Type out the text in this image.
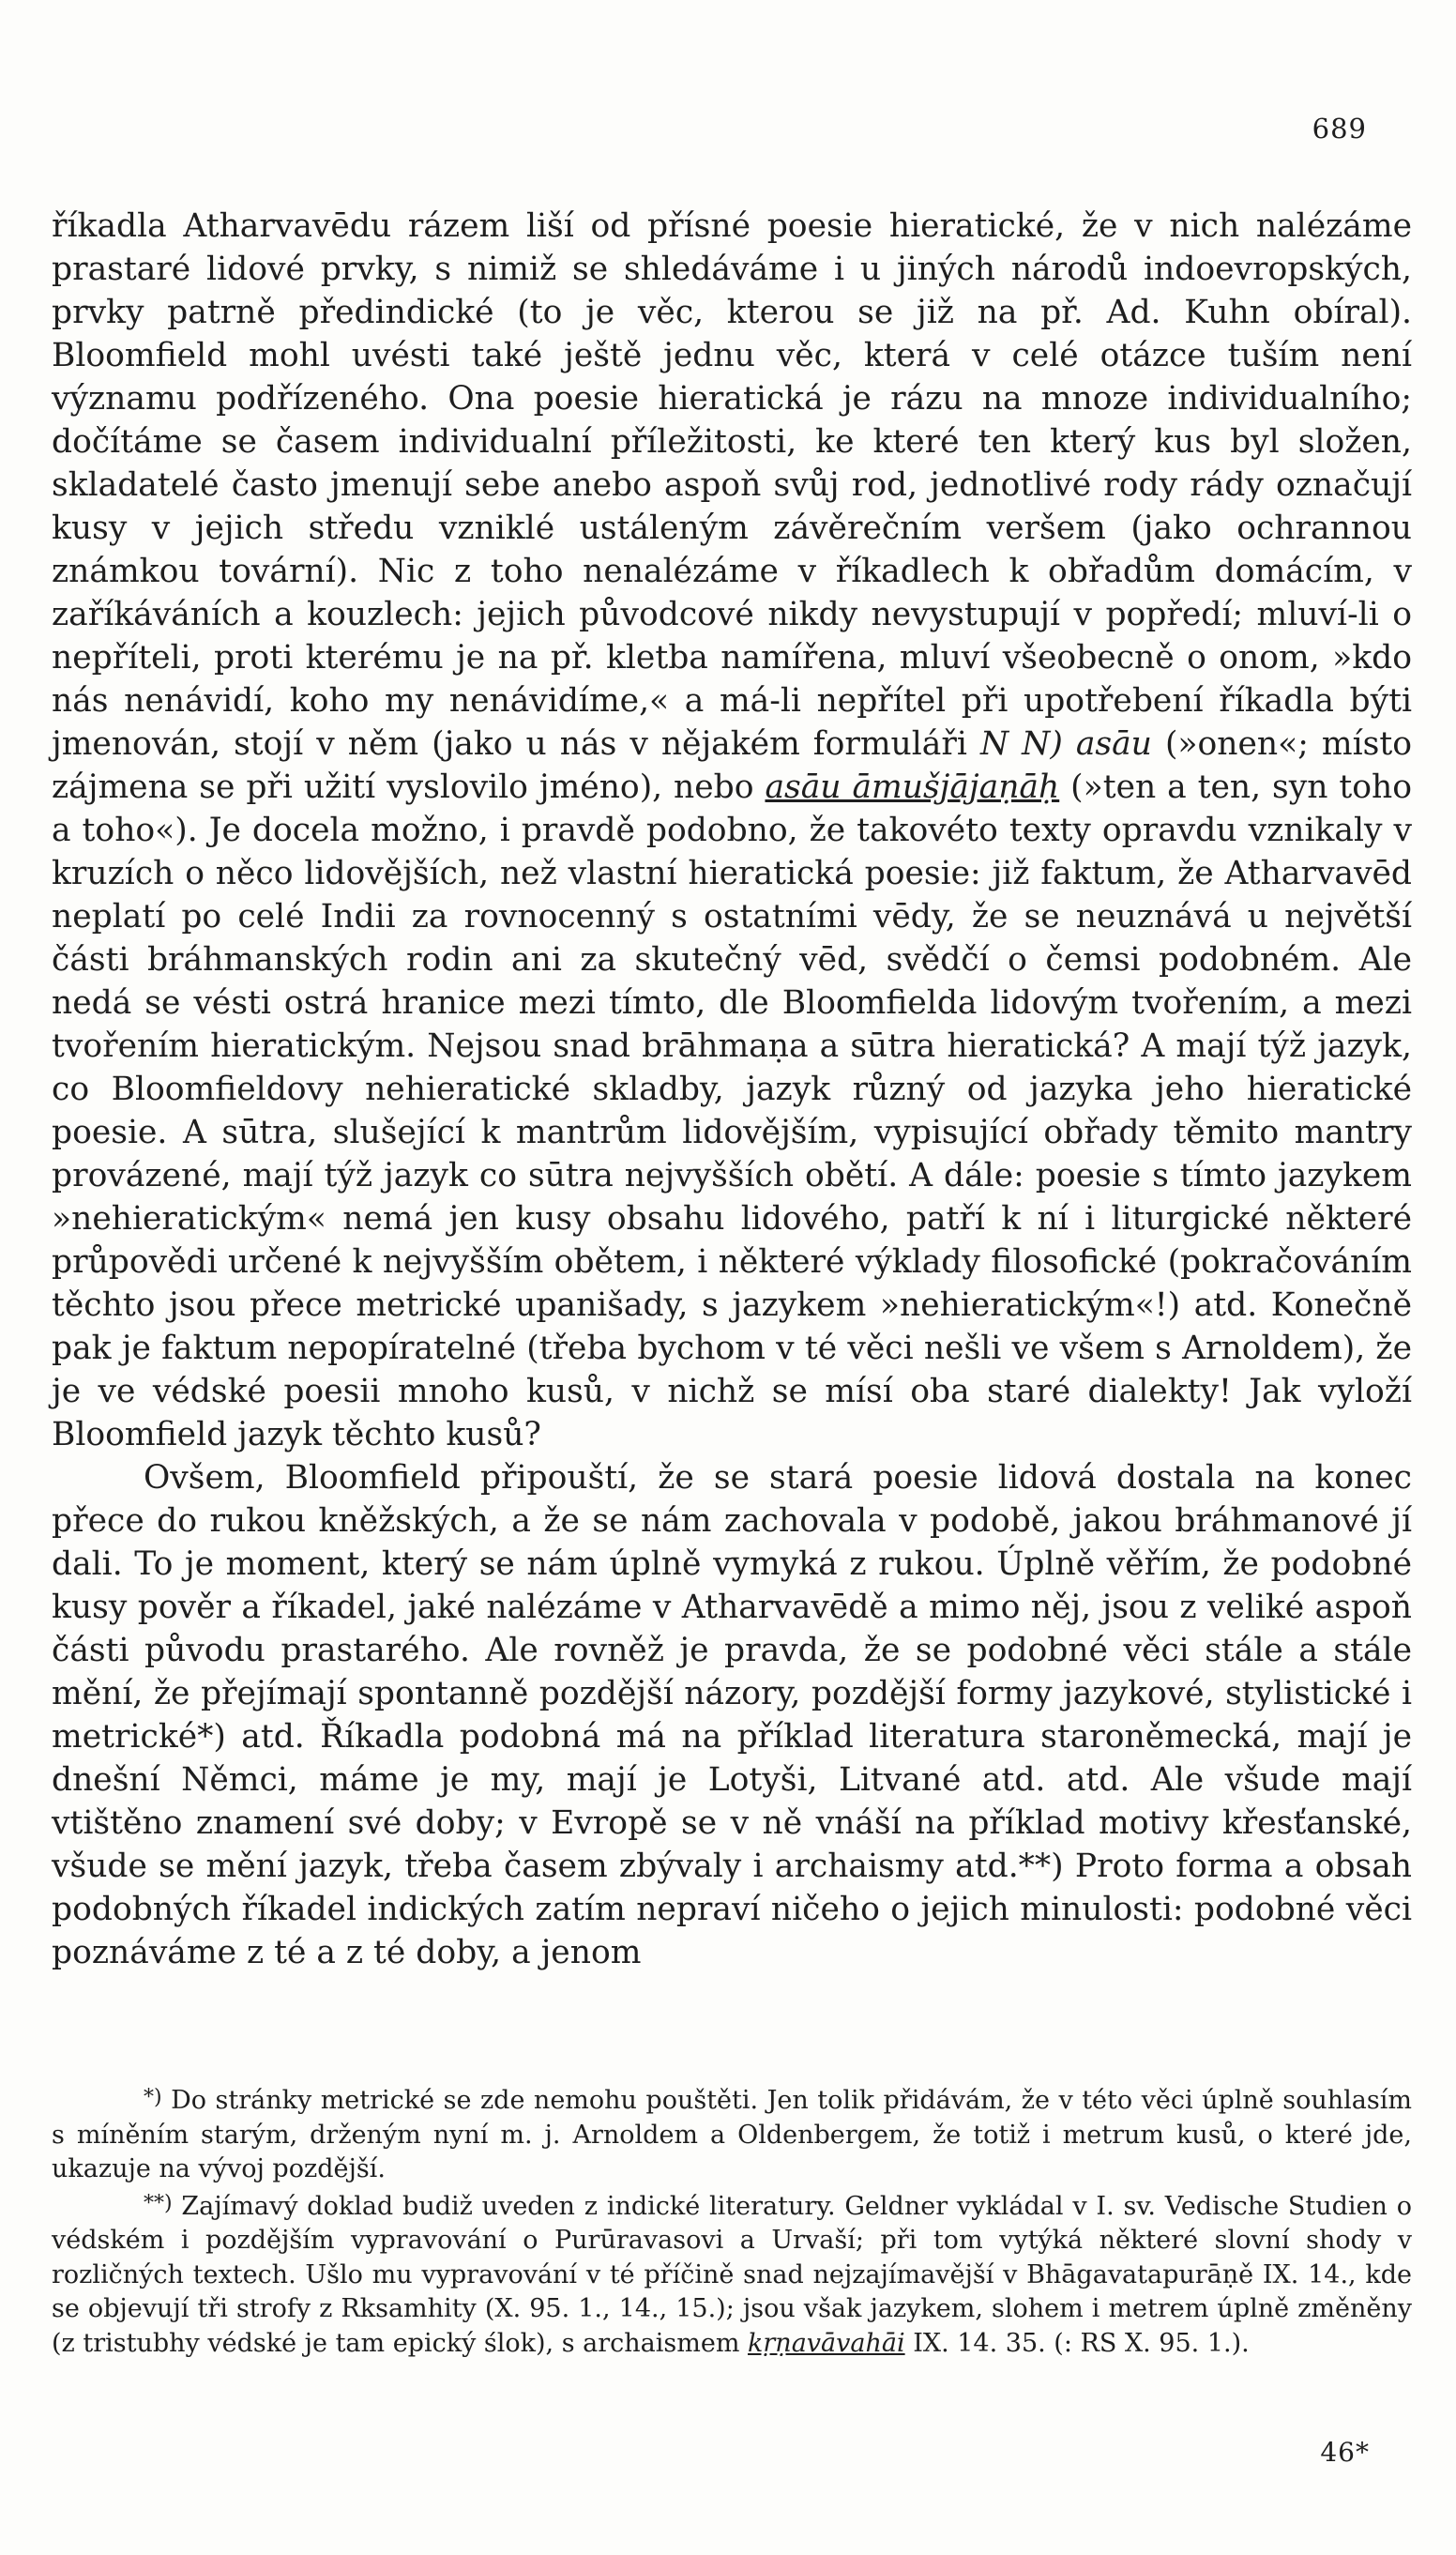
689

říkadla Atharvavēdu rázem liší od přísné poesie hieratické, že v nich nalézáme prastaré lidové prvky, s nimiž se shledáváme i u jiných národů indoevropských, prvky patrně předindické (to je věc, kterou se již na př. Ad. Kuhn obíral). Bloomfield mohl uvésti také ještě jednu věc, která v celé otázce tuším není významu podřízeného. Ona poesie hieratická je rázu na mnoze individualního; dočítáme se časem individualní příležitosti, ke které ten který kus byl složen, skladatelé často jmenují sebe anebo aspoň svůj rod, jednotlivé rody rády označují kusy v jejich středu vzniklé ustáleným závěrečním veršem (jako ochrannou známkou tovární). Nic z toho nenalézáme v říkadlech k obřadům domácím, v zaříkáváních a kouzlech: jejich původcové nikdy nevystupují v popředí; mluví-li o nepříteli, proti kterému je na př. kletba namířena, mluví všeobecně o onom, »kdo nás nenávidí, koho my nenávidíme,« a má-li nepřítel při upotřebení říkadla býti jmenován, stojí v něm (jako u nás v nějakém formuláři N N) asāu (»onen«; místo zájmena se při užití vyslovilo jméno), nebo asāu āmušjājaṇāḥ (»ten a ten, syn toho a toho«). Je docela možno, i pravdě podobno, že takovéto texty opravdu vznikaly v kruzích o něco lidovějších, než vlastní hieratická poesie: již faktum, že Atharvavēd neplatí po celé Indii za rovnocenný s ostatními vēdy, že se neuznává u největší části bráhmanských rodin ani za skutečný vēd, svědčí o čemsi podobném. Ale nedá se vésti ostrá hranice mezi tímto, dle Bloomfielda lidovým tvořením, a mezi tvořením hieratickým. Nejsou snad brāhmaṇa a sūtra hieratická? A mají týž jazyk, co Bloomfieldovy nehieratické skladby, jazyk různý od jazyka jeho hieratické poesie. A sūtra, slušející k mantrům lidovějším, vypisující obřady těmito mantry provázené, mají týž jazyk co sūtra nejvyšších obětí. A dále: poesie s tímto jazykem »nehieratickým« nemá jen kusy obsahu lidového, patří k ní i liturgické některé průpovědi určené k nejvyšším obětem, i některé výklady filosofické (pokračováním těchto jsou přece metrické upanišady, s jazykem »nehieratickým«!) atd. Konečně pak je faktum nepopíratelné (třeba bychom v té věci nešli ve všem s Arnoldem), že je ve védské poesii mnoho kusů, v nichž se mísí oba staré dialekty! Jak vyloží Bloomfield jazyk těchto kusů?

Ovšem, Bloomfield připouští, že se stará poesie lidová dostala na konec přece do rukou kněžských, a že se nám zachovala v podobě, jakou bráhmanové jí dali. To je moment, který se nám úplně vymyká z rukou. Úplně věřím, že podobné kusy pověr a říkadel, jaké nalézáme v Atharvavēdě a mimo něj, jsou z veliké aspoň části původu prastarého. Ale rovněž je pravda, že se podobné věci stále a stále mění, že přejímají spontanně pozdější názory, pozdější formy jazykové, stylistické i metrické*) atd. Říkadla podobná má na příklad literatura staroněmecká, mají je dnešní Němci, máme je my, mají je Lotyši, Litvané atd. atd. Ale všude mají vtištěno znamení své doby; v Evropě se v ně vnáší na příklad motivy křesťanské, všude se mění jazyk, třeba časem zbývaly i archaismy atd.**) Proto forma a obsah podobných říkadel indických zatím nepraví ničeho o jejich minulosti: podobné věci poznáváme z té a z té doby, a jenom

*) Do stránky metrické se zde nemohu pouštěti. Jen tolik přidávám, že v této věci úplně souhlasím s míněním starým, drženým nyní m. j. Arnoldem a Oldenbergem, že totiž i metrum kusů, o které jde, ukazuje na vývoj pozdější.

**) Zajímavý doklad budiž uveden z indické literatury. Geldner vykládal v I. sv. Vedische Studien o védském i pozdějším vypravování o Purūravasovi a Urvaší; při tom vytýká některé slovní shody v rozličných textech. Ušlo mu vypravování v té příčině snad nejzajímavější v Bhāgavatapurāṇě IX. 14., kde se objevují tři strofy z Rksamhity (X. 95. 1., 14., 15.); jsou však jazykem, slohem i metrem úplně změněny (z tristubhy védské je tam epický ślok), s archaismem kṛṇavāvahāi IX. 14. 35. (: RS X. 95. 1.).

46*
